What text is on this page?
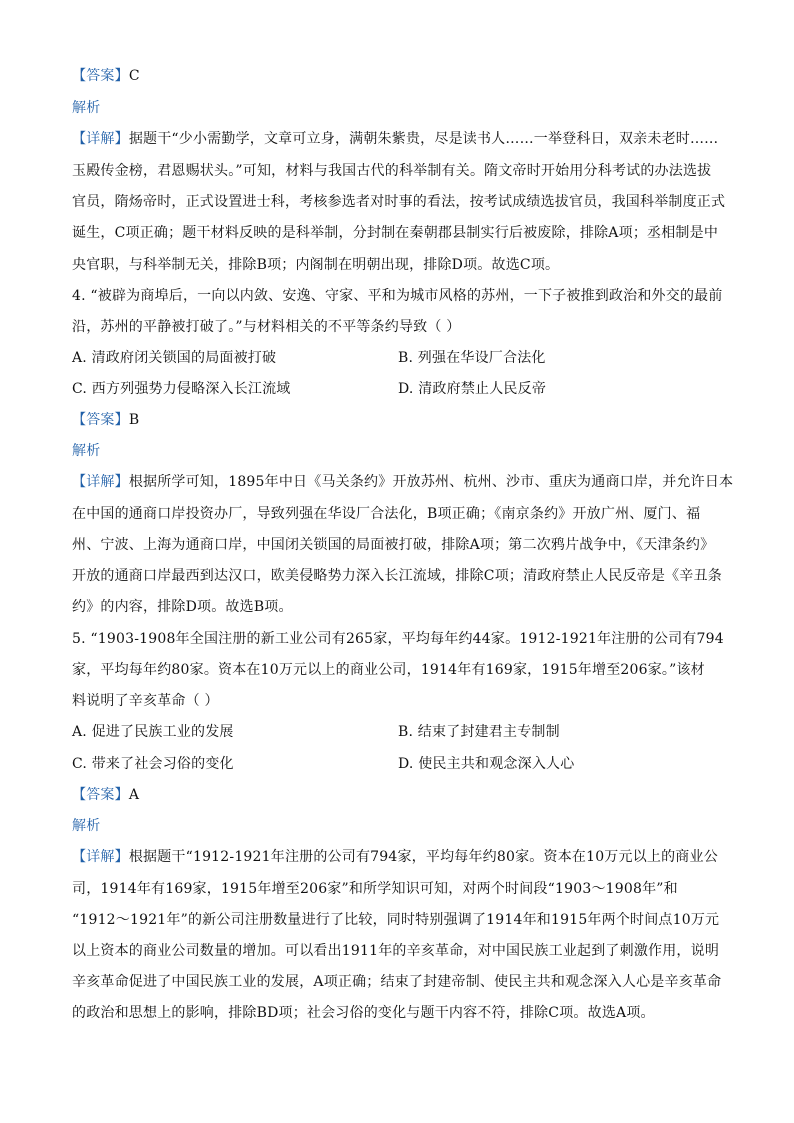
【答案】C
解析
【详解】据题干“少小需勤学，文章可立身，满朝朱紫贵，尽是读书人……一举登科日，双亲未老时……
玉殿传金榜，君恩赐状头。”可知，材料与我国古代的科举制有关。隋文帝时开始用分科考试的办法选拔
官员，隋炀帝时，正式设置进士科，考核参选者对时事的看法，按考试成绩选拔官员，我国科举制度正式
诞生，C项正确；题干材料反映的是科举制，分封制在秦朝郡县制实行后被废除，排除A项；丞相制是中
央官职，与科举制无关，排除B项；内阁制在明朝出现，排除D项。故选C项。
4. “被辟为商埠后，一向以内敛、安逸、守家、平和为城市风格的苏州，一下子被推到政治和外交的最前
沿，苏州的平静被打破了。”与材料相关的不平等条约导致（ ）
A. 清政府闭关锁国的局面被打破	B. 列强在华设厂合法化
C. 西方列强势力侵略深入长江流域	D. 清政府禁止人民反帝
【答案】B
解析
【详解】根据所学可知，1895年中日《马关条约》开放苏州、杭州、沙市、重庆为通商口岸，并允许日本
在中国的通商口岸投资办厂，导致列强在华设厂合法化，B项正确；《南京条约》开放广州、厦门、福
州、宁波、上海为通商口岸，中国闭关锁国的局面被打破，排除A项；第二次鸦片战争中，《天津条约》
开放的通商口岸最西到达汉口，欧美侵略势力深入长江流域，排除C项；清政府禁止人民反帝是《辛丑条
约》的内容，排除D项。故选B项。
5. “1903-1908年全国注册的新工业公司有265家，平均每年约44家。1912-1921年注册的公司有794
家，平均每年约80家。资本在10万元以上的商业公司，1914年有169家，1915年增至206家。”该材
料说明了辛亥革命（ ）
A. 促进了民族工业的发展	B. 结束了封建君主专制制
C. 带来了社会习俗的变化	D. 使民主共和观念深入人心
【答案】A
解析
【详解】根据题干“1912-1921年注册的公司有794家，平均每年约80家。资本在10万元以上的商业公
司，1914年有169家，1915年增至206家”和所学知识可知，对两个时间段“1903～1908年”和
“1912～1921年”的新公司注册数量进行了比较，同时特别强调了1914年和1915年两个时间点10万元
以上资本的商业公司数量的增加。可以看出1911年的辛亥革命，对中国民族工业起到了刺激作用，说明
辛亥革命促进了中国民族工业的发展，A项正确；结束了封建帝制、使民主共和观念深入人心是辛亥革命
的政治和思想上的影响，排除BD项；社会习俗的变化与题干内容不符，排除C项。故选A项。
